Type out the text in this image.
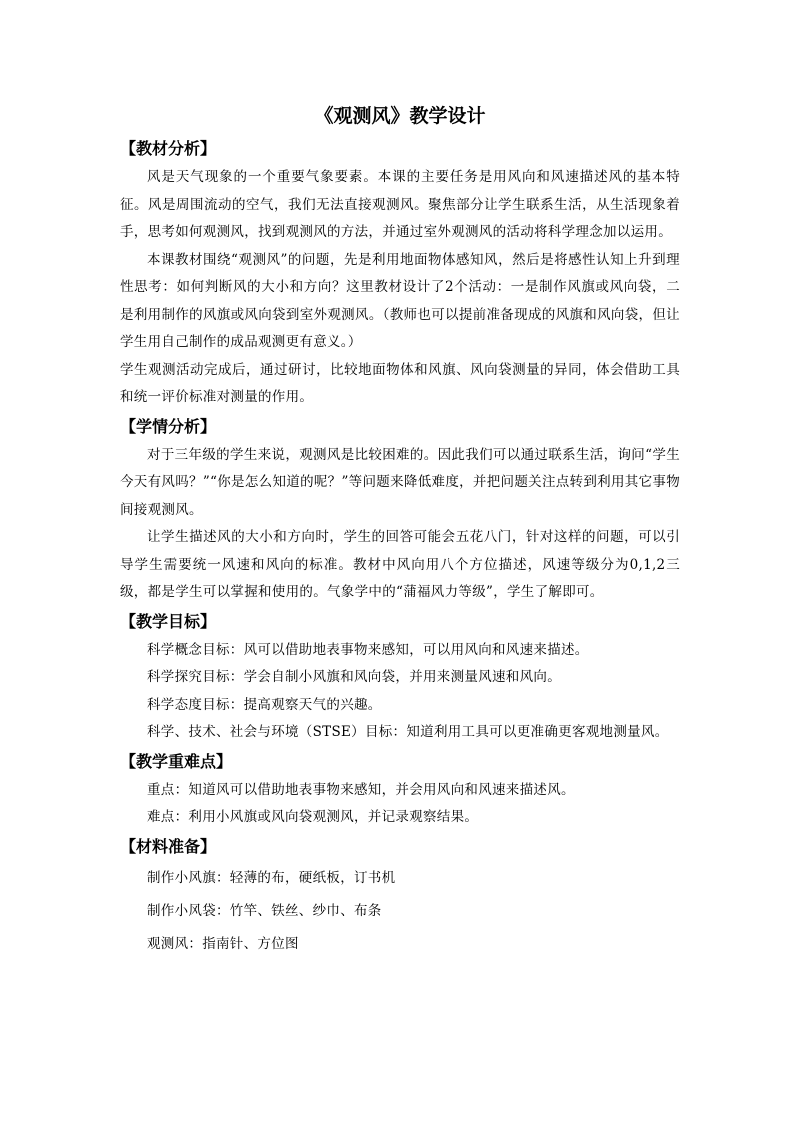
《观测风》教学设计
【教材分析】

风是天气现象的一个重要气象要素。本课的主要任务是用风向和风速描述风的基本特征。风是周围流动的空气，我们无法直接观测风。聚焦部分让学生联系生活，从生活现象着手，思考如何观测风，找到观测风的方法，并通过室外观测风的活动将科学理念加以运用。

本课教材围绕“观测风”的问题，先是利用地面物体感知风，然后是将感性认知上升到理性思考：如何判断风的大小和方向？这里教材设计了2个活动：一是制作风旗或风向袋，二是利用制作的风旗或风向袋到室外观测风。（教师也可以提前准备现成的风旗和风向袋，但让学生用自己制作的成品观测更有意义。）

学生观测活动完成后，通过研讨，比较地面物体和风旗、风向袋测量的异同，体会借助工具和统一评价标准对测量的作用。

【学情分析】

对于三年级的学生来说，观测风是比较困难的。因此我们可以通过联系生活，询问“学生今天有风吗？”“你是怎么知道的呢？”等问题来降低难度，并把问题关注点转到利用其它事物间接观测风。

让学生描述风的大小和方向时，学生的回答可能会五花八门，针对这样的问题，可以引导学生需要统一风速和风向的标准。教材中风向用八个方位描述，风速等级分为0,1,2三级，都是学生可以掌握和使用的。气象学中的“蒲福风力等级”，学生了解即可。

【教学目标】

科学概念目标：风可以借助地表事物来感知，可以用风向和风速来描述。

科学探究目标：学会自制小风旗和风向袋，并用来测量风速和风向。

科学态度目标：提高观察天气的兴趣。

科学、技术、社会与环境（STSE）目标：知道利用工具可以更准确更客观地测量风。

【教学重难点】

重点：知道风可以借助地表事物来感知，并会用风向和风速来描述风。

难点：利用小风旗或风向袋观测风，并记录观察结果。

【材料准备】

制作小风旗：轻薄的布，硬纸板，订书机

制作小风袋：竹竿、铁丝、纱巾、布条

观测风：指南针、方位图
